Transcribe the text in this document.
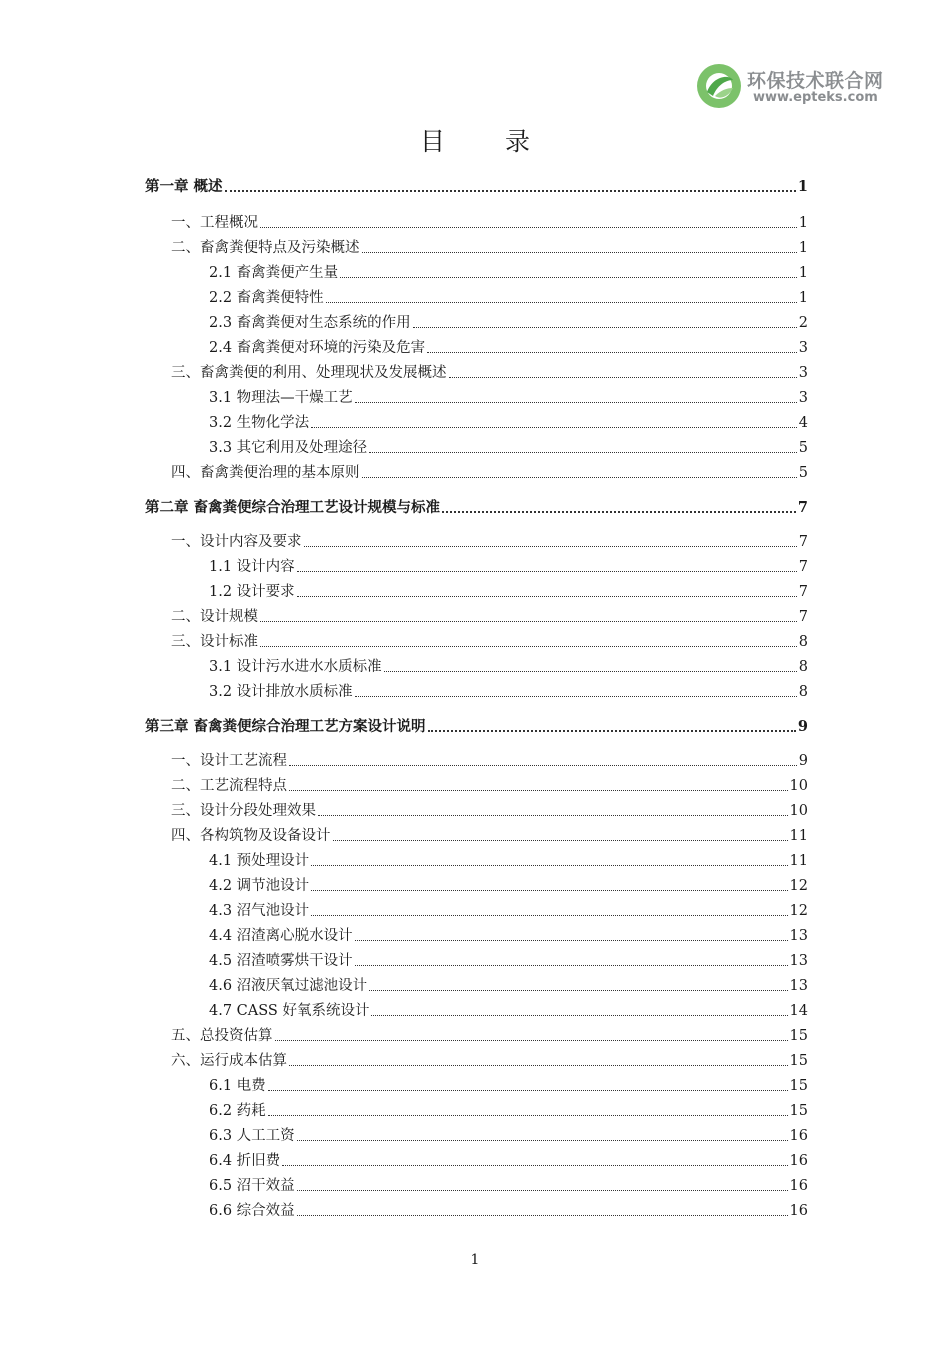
环保技术联合网
www.epteks.com
目 录
第一章 概述	1
一、工程概况	1
二、畜禽粪便特点及污染概述	1
2.1 畜禽粪便产生量	1
2.2 畜禽粪便特性	1
2.3 畜禽粪便对生态系统的作用	2
2.4 畜禽粪便对环境的污染及危害	3
三、畜禽粪便的利用、处理现状及发展概述	3
3.1 物理法—干燥工艺	3
3.2 生物化学法	4
3.3 其它利用及处理途径	5
四、畜禽粪便治理的基本原则	5
第二章 畜禽粪便综合治理工艺设计规模与标准	7
一、设计内容及要求	7
1.1 设计内容	7
1.2 设计要求	7
二、设计规模	7
三、设计标准	8
3.1 设计污水进水水质标准	8
3.2 设计排放水质标准	8
第三章 畜禽粪便综合治理工艺方案设计说明	9
一、设计工艺流程	9
二、工艺流程特点	10
三、设计分段处理效果	10
四、各构筑物及设备设计	11
4.1 预处理设计	11
4.2 调节池设计	12
4.3 沼气池设计	12
4.4 沼渣离心脱水设计	13
4.5 沼渣喷雾烘干设计	13
4.6 沼液厌氧过滤池设计	13
4.7 CASS 好氧系统设计	14
五、总投资估算	15
六、运行成本估算	15
6.1 电费	15
6.2 药耗	15
6.3 人工工资	16
6.4 折旧费	16
6.5 沼干效益	16
6.6 综合效益	16
1
